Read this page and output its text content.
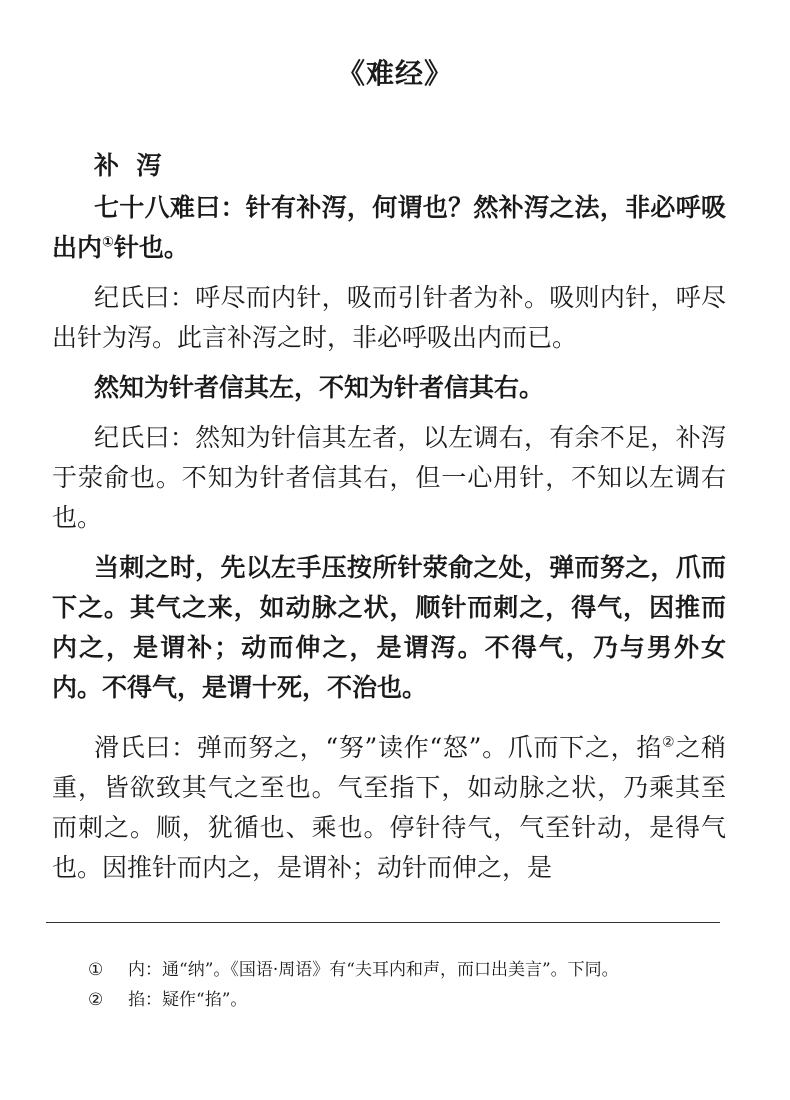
《难经》
补  泻
七十八难曰：针有补泻，何谓也？然补泻之法，非必呼吸出内①针也。
纪氏曰：呼尽而内针，吸而引针者为补。吸则内针，呼尽出针为泻。此言补泻之时，非必呼吸出内而已。
然知为针者信其左，不知为针者信其右。
纪氏曰：然知为针信其左者，以左调右，有余不足，补泻于荥俞也。不知为针者信其右，但一心用针，不知以左调右也。
当刺之时，先以左手压按所针荥俞之处，弹而努之，爪而下之。其气之来，如动脉之状，顺针而刺之，得气，因推而内之，是谓补；动而伸之，是谓泻。不得气，乃与男外女内。不得气，是谓十死，不治也。
滑氏曰：弹而努之，“努”读作“怒”。爪而下之，掐②之稍重，皆欲致其气之至也。气至指下，如动脉之状，乃乘其至而刺之。顺，犹循也、乘也。停针待气，气至针动，是得气也。因推针而内之，是谓补；动针而伸之，是
① 内：通“纳”。《国语·周语》有“夫耳内和声，而口出美言”。下同。
② 掐：疑作“掐”。
